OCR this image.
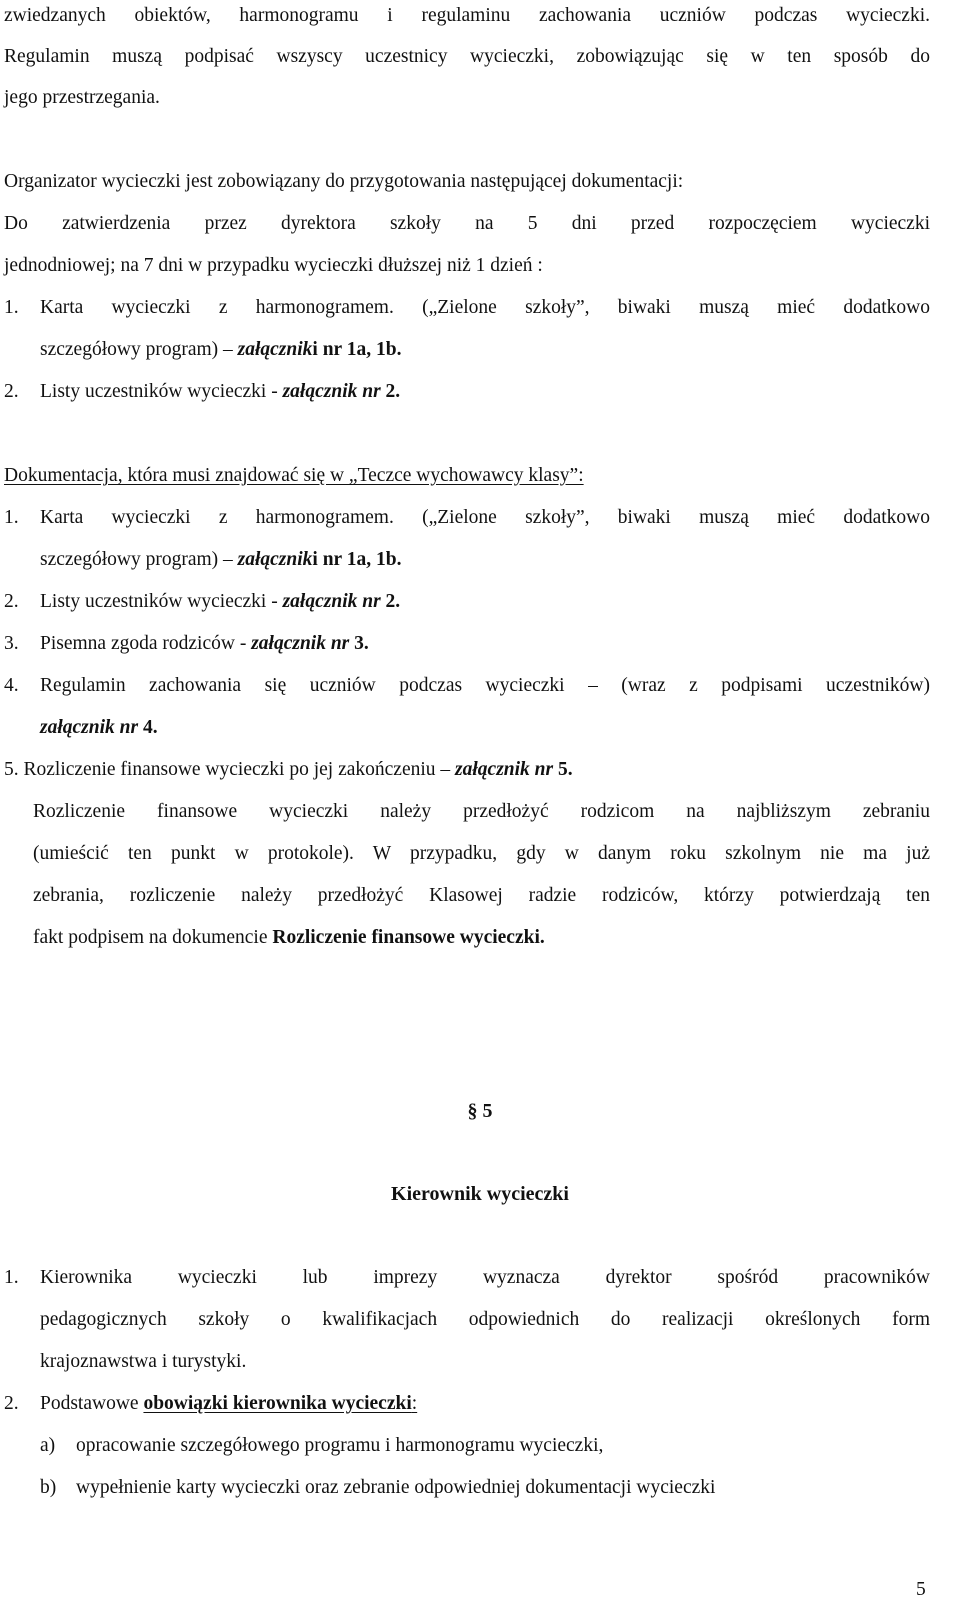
zwiedzanych obiektów, harmonogramu i regulaminu zachowania uczniów podczas wycieczki.
Regulamin muszą podpisać wszyscy uczestnicy wycieczki, zobowiązując się w ten sposób do
jego przestrzegania.
Organizator wycieczki jest zobowiązany do przygotowania następującej dokumentacji:
Do zatwierdzenia przez dyrektora szkoły na 5 dni przed rozpoczęciem wycieczki
jednodniowej; na 7 dni w przypadku wycieczki dłuższej niż 1 dzień :
1.	Karta wycieczki z harmonogramem. („Zielone szkoły”, biwaki muszą mieć dodatkowo
szczegółowy program) – załączniki nr 1a, 1b.
2.	Listy uczestników wycieczki - załącznik nr 2.
Dokumentacja, która musi znajdować się w „Teczce wychowawcy klasy”:
1.	Karta wycieczki z harmonogramem. („Zielone szkoły”, biwaki muszą mieć dodatkowo
szczegółowy program) – załączniki nr 1a, 1b.
2.	Listy uczestników wycieczki - załącznik nr 2.
3.	Pisemna zgoda rodziców - załącznik nr 3.
4.	Regulamin zachowania się uczniów podczas wycieczki – (wraz z podpisami uczestników)
załącznik nr 4.
5. Rozliczenie finansowe wycieczki po jej zakończeniu – załącznik nr 5.
Rozliczenie finansowe wycieczki należy przedłożyć rodzicom na najbliższym zebraniu
(umieścić ten punkt w protokole). W przypadku, gdy w danym roku szkolnym nie ma już
zebrania, rozliczenie należy przedłożyć Klasowej radzie rodziców, którzy potwierdzają ten
fakt podpisem na dokumencie Rozliczenie finansowe wycieczki.
§ 5
Kierownik wycieczki
1.	Kierownika wycieczki lub imprezy wyznacza dyrektor spośród pracowników
pedagogicznych szkoły o kwalifikacjach odpowiednich do realizacji określonych form
krajoznawstwa i turystyki.
2.	Podstawowe obowiązki kierownika wycieczki:
a)	opracowanie szczegółowego programu i harmonogramu wycieczki,
b)	wypełnienie karty wycieczki oraz zebranie odpowiedniej dokumentacji wycieczki
5
